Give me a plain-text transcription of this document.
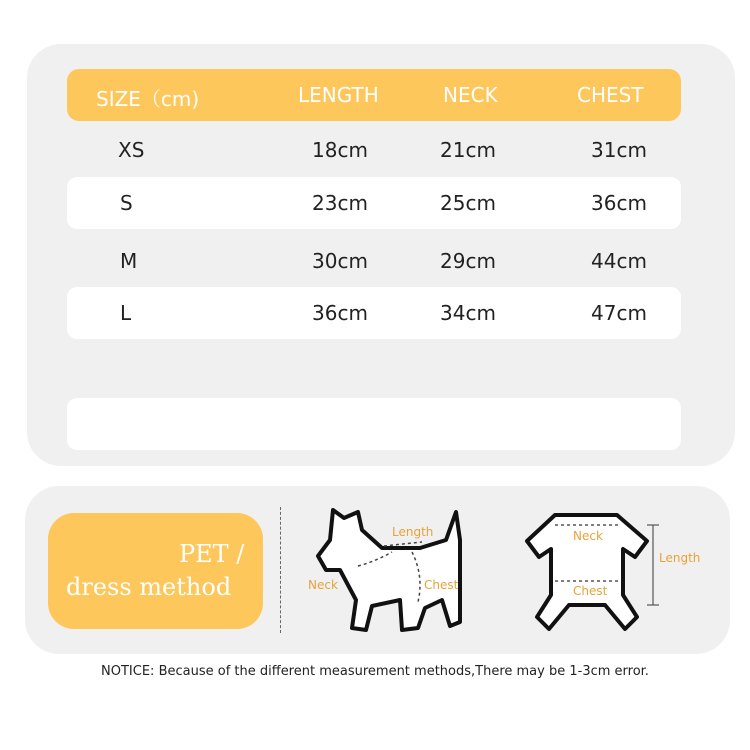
SIZE（cm)	LENGTH	NECK	CHEST
XS	18cm	21cm	31cm
S	23cm	25cm	36cm
M	30cm	29cm	44cm
L	36cm	34cm	47cm
PET /
dress method
Length
Neck	Chest
Neck
Chest
Length
NOTICE: Because of the different measurement methods,There may be 1-3cm error.
